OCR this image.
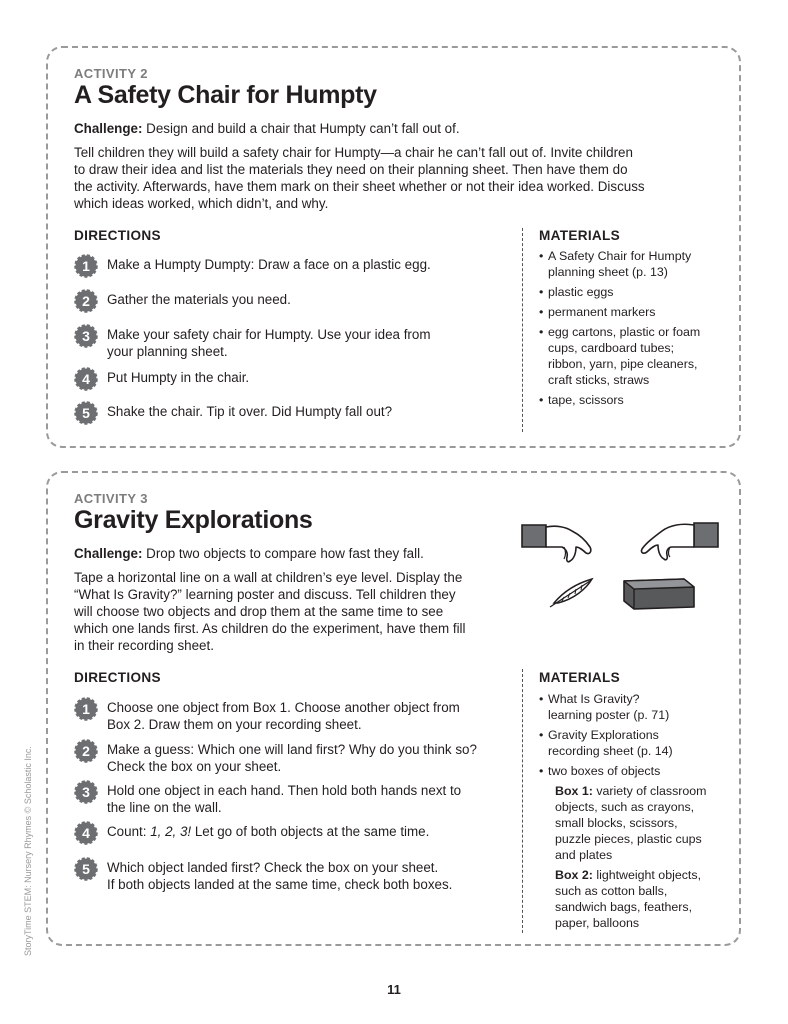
ACTIVITY 2
A Safety Chair for Humpty

Challenge: Design and build a chair that Humpty can’t fall out of.

Tell children they will build a safety chair for Humpty—a chair he can’t fall out of. Invite children
to draw their idea and list the materials they need on their planning sheet. Then have them do
the activity. Afterwards, have them mark on their sheet whether or not their idea worked. Discuss
which ideas worked, which didn’t, and why.
DIRECTIONS
1	Make a Humpty Dumpty: Draw a face on a plastic egg.
2	Gather the materials you need.
3	Make your safety chair for Humpty. Use your idea from
your planning sheet.
4	Put Humpty in the chair.
5	Shake the chair. Tip it over. Did Humpty fall out?
MATERIALS
• A Safety Chair for Humpty
planning sheet (p. 13)
• plastic eggs
• permanent markers
• egg cartons, plastic or foam
cups, cardboard tubes;
ribbon, yarn, pipe cleaners,
craft sticks, straws
• tape, scissors
ACTIVITY 3
Gravity Explorations

Challenge: Drop two objects to compare how fast they fall.

Tape a horizontal line on a wall at children’s eye level. Display the
“What Is Gravity?” learning poster and discuss. Tell children they
will choose two objects and drop them at the same time to see
which one lands first. As children do the experiment, have them fill
in their recording sheet.
DIRECTIONS
1	Choose one object from Box 1. Choose another object from
Box 2. Draw them on your recording sheet.
2	Make a guess: Which one will land first? Why do you think so?
Check the box on your sheet.
3	Hold one object in each hand. Then hold both hands next to
the line on the wall.
4	Count: 1, 2, 3! Let go of both objects at the same time.
5	Which object landed first? Check the box on your sheet.
If both objects landed at the same time, check both boxes.
MATERIALS
• What Is Gravity?
learning poster (p. 71)
• Gravity Explorations
recording sheet (p. 14)
• two boxes of objects
Box 1: variety of classroom
objects, such as crayons,
small blocks, scissors,
puzzle pieces, plastic cups
and plates
Box 2: lightweight objects,
such as cotton balls,
sandwich bags, feathers,
paper, balloons
StoryTime STEM: Nursery Rhymes © Scholastic Inc.
11
